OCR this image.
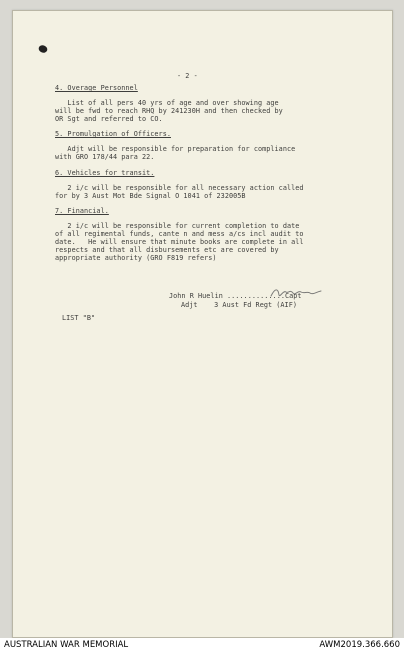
- 2 -
4. Overage Personnel
List of all pers 40 yrs of age and over showing age
will be fwd to reach RHQ by 241230H and then checked by
OR Sgt and referred to CO.
5. Promulgation of Officers.
Adjt will be responsible for preparation for compliance
with GRO 178/44 para 22.
6. Vehicles for transit.
2 i/c will be responsible for all necessary action called
for by 3 Aust Mot Bde Signal O 1041 of 232005B
7. Financial.
2 i/c will be responsible for current completion to date
of all regimental funds, cante n and mess a/cs incl audit to
date.   He will ensure that minute books are complete in all
respects and that all disbursements etc are covered by
appropriate authority (GRO F819 refers)
John R Huelin ..............Capt
Adjt    3 Aust Fd Regt (AIF)
LIST "B"
AUSTRALIAN WAR MEMORIAL	AWM2019.366.660
